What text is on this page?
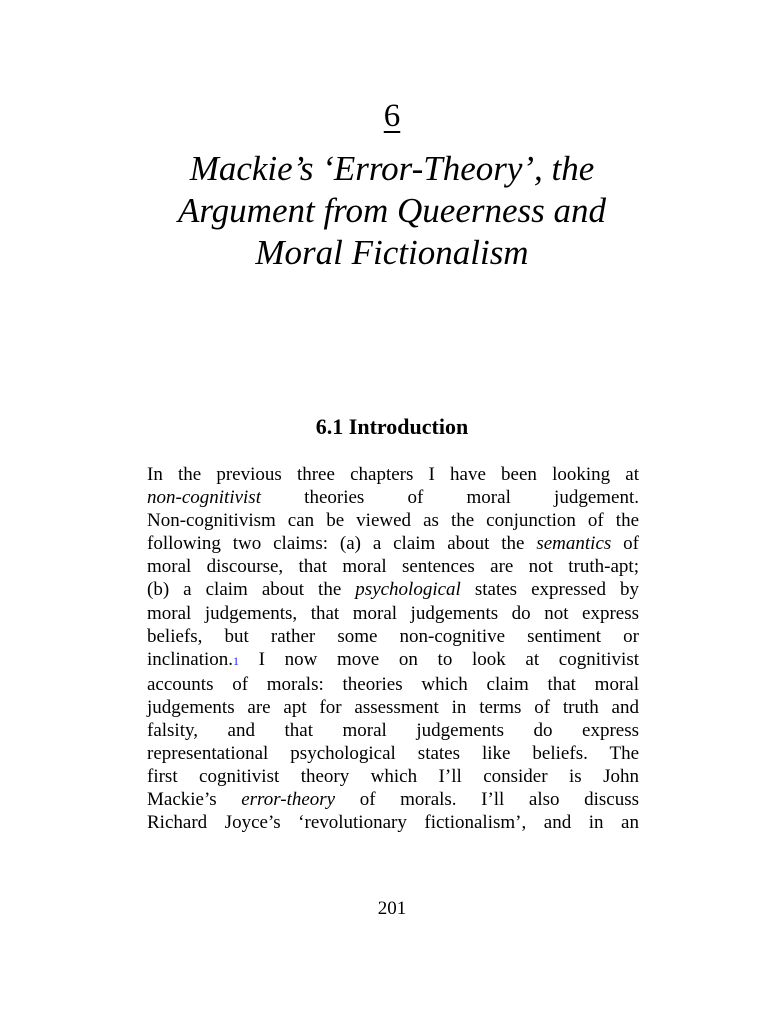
6
Mackie’s ‘Error-Theory’, the
Argument from Queerness and
Moral Fictionalism
6.1 Introduction
In the previous three chapters I have been looking at
non-cognitivist theories of moral judgement.
Non-cognitivism can be viewed as the conjunction of the
following two claims: (a) a claim about the semantics of
moral discourse, that moral sentences are not truth-apt;
(b) a claim about the psychological states expressed by
moral judgements, that moral judgements do not express
beliefs, but rather some non-cognitive sentiment or
inclination.1 I now move on to look at cognitivist
accounts of morals: theories which claim that moral
judgements are apt for assessment in terms of truth and
falsity, and that moral judgements do express
representational psychological states like beliefs. The
first cognitivist theory which I’ll consider is John
Mackie’s error-theory of morals. I’ll also discuss
Richard Joyce’s ‘revolutionary fictionalism’, and in an
201
